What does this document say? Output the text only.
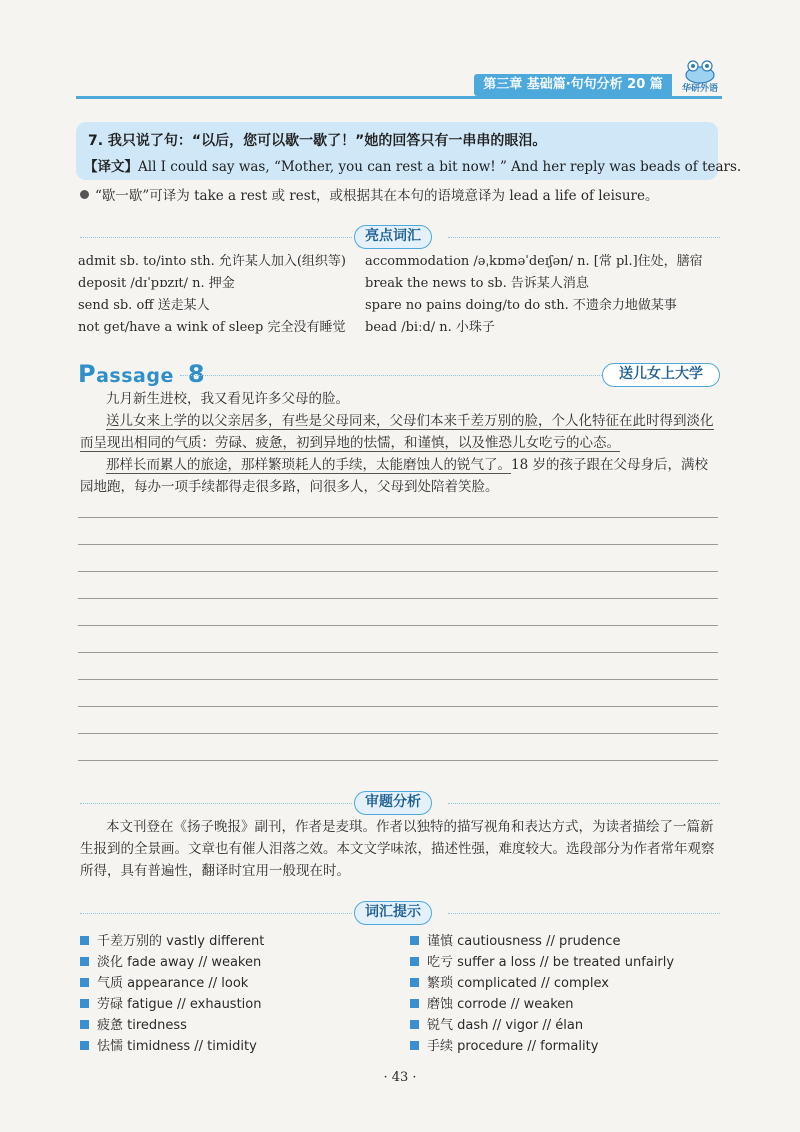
第三章 基础篇·句句分析 20 篇	华研外语
7. 我只说了句：“以后，您可以歇一歇了！”她的回答只有一串串的眼泪。
【译文】All I could say was, “Mother, you can rest a bit now! ” And her reply was beads of tears.
“歇一歇”可译为 take a rest 或 rest，或根据其在本句的语境意译为 lead a life of leisure。
亮点词汇
admit sb. to/into sth. 允许某人加入(组织等)
deposit /dɪˈpɒzɪt/ n. 押金
send sb. off 送走某人
not get/have a wink of sleep 完全没有睡觉
accommodation /əˌkɒməˈdeɪʃən/ n. [常 pl.]住处，膳宿
break the news to sb. 告诉某人消息
spare no pains doing/to do sth. 不遗余力地做某事
bead /biːd/ n. 小珠子
Passage 8	送儿女上大学
九月新生进校，我又看见许多父母的脸。
送儿女来上学的以父亲居多，有些是父母同来，父母们本来千差万别的脸，个人化特征在此时得到淡化而呈现出相同的气质：劳碌、疲惫，初到异地的怯懦，和谨慎，以及惟恐儿女吃亏的心态。
那样长而累人的旅途，那样繁琐耗人的手续，太能磨蚀人的锐气了。18 岁的孩子跟在父母身后，满校园地跑，每办一项手续都得走很多路，问很多人，父母到处陪着笑脸。
审题分析
本文刊登在《扬子晚报》副刊，作者是麦琪。作者以独特的描写视角和表达方式，为读者描绘了一篇新生报到的全景画。文章也有催人泪落之效。本文文学味浓，描述性强，难度较大。选段部分为作者常年观察所得，具有普遍性，翻译时宜用一般现在时。
词汇提示
千差万别的 vastly different
淡化 fade away // weaken
气质 appearance // look
劳碌 fatigue // exhaustion
疲惫 tiredness
怯懦 timidness // timidity
谨慎 cautiousness // prudence
吃亏 suffer a loss // be treated unfairly
繁琐 complicated // complex
磨蚀 corrode // weaken
锐气 dash // vigor // élan
手续 procedure // formality
· 43 ·
